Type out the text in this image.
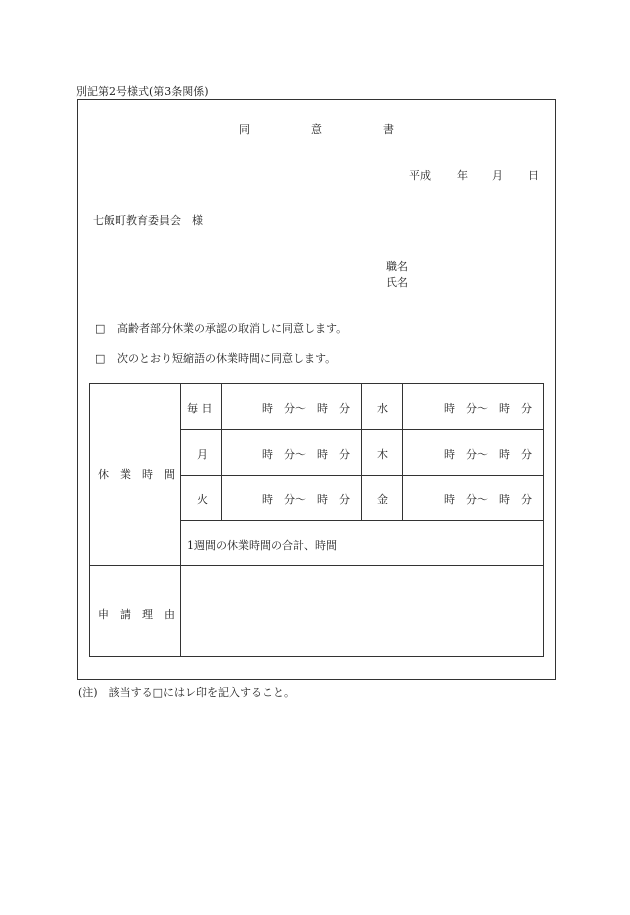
別記第2号様式(第3条関係)
同	意	書
平成 年 月 日
七飯町教育委員会　様
職名
氏名
□ 高齢者部分休業の承認の取消しに同意します。
□ 次のとおり短縮語の休業時間に同意します。
休　業　時　間
毎 日	時　分〜　時　分 水	時　分〜　時　分
月	時　分〜　時　分 木	時　分〜　時　分
火	時　分〜　時　分 金	時　分〜　時　分
1週間の休業時間の合計、時間
申　請　理　由
(注)　該当する□にはレ印を記入すること。
